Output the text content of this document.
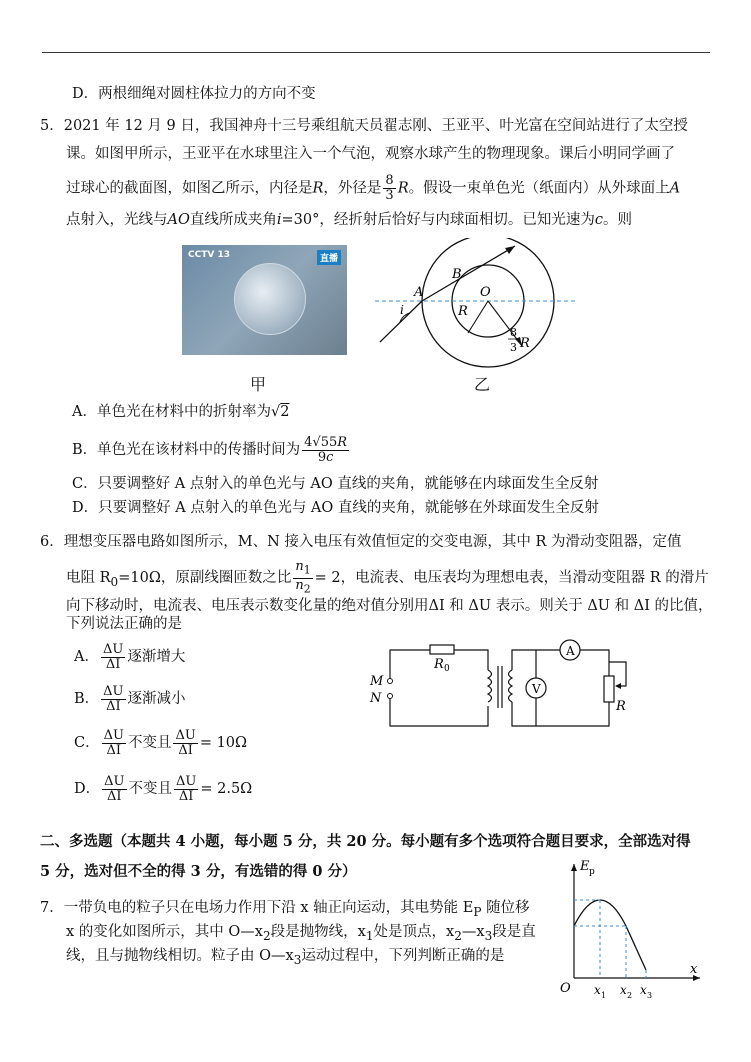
D．两根细绳对圆柱体拉力的方向不变
5．2021 年 12 月 9 日，我国神舟十三号乘组航天员翟志刚、王亚平、叶光富在空间站进行了太空授
课。如图甲所示，王亚平在水球里注入一个气泡，观察水球产生的物理现象。课后小明同学画了
过球心的截面图，如图乙所示，内径是R，外径是 $\frac{8}{3}$ R。假设一束单色光（纸面内）从外球面上A
点射入，光线与AO直线所成夹角i=30°，经折射后恰好与内球面相切。已知光速为c。则
CCTV 13	直播
A
B
O
R
i
8
3 R
甲	乙
A．单色光在材料中的折射率为√2
B．单色光在该材料中的传播时间为 $\frac{4√55R}{9c}$
C．只要调整好 A 点射入的单色光与 AO 直线的夹角，就能够在内球面发生全反射
D．只要调整好 A 点射入的单色光与 AO 直线的夹角，就能够在外球面发生全反射
6．理想变压器电路如图所示，M、N 接入电压有效值恒定的交变电源，其中 R 为滑动变阻器，定值
电阻 $R_0=10\Omega$，原副线圈匝数之比 $\frac{n_1}{n_2} = 2$，电流表、电压表均为理想电表，当滑动变阻器 R 的滑片
向下移动时，电流表、电压表示数变化量的绝对值分别用ΔI 和 ΔU 表示。则关于 ΔU 和 ΔI 的比值，
下列说法正确的是
A． $\frac{\Delta U}{\Delta I}$ 逐渐增大
B． $\frac{\Delta U}{\Delta I}$ 逐渐减小
C． $\frac{\Delta U}{\Delta I}$ 不变且 $\frac{\Delta U}{\Delta I} = 10\Omega$
D． $\frac{\Delta U}{\Delta I}$ 不变且 $\frac{\Delta U}{\Delta I} = 2.5\Omega$
M
N
R 0
V
A
R
二、多选题（本题共 4 小题，每小题 5 分，共 20 分。每小题有多个选项符合题目要求，全部选对得
5 分，选对但不全的得 3 分，有选错的得 0 分）
7．一带负电的粒子只在电场力作用下沿 x 轴正向运动，其电势能 $E_P$ 随位移
x 的变化如图所示，其中 $O—x_2$段是抛物线，$x_1$处是顶点，$x_2—x_3$段是直
线，且与抛物线相切。粒子由 $O—x_3$运动过程中，下列判断正确的是
E p
x
O x 1 x 2 x 3
